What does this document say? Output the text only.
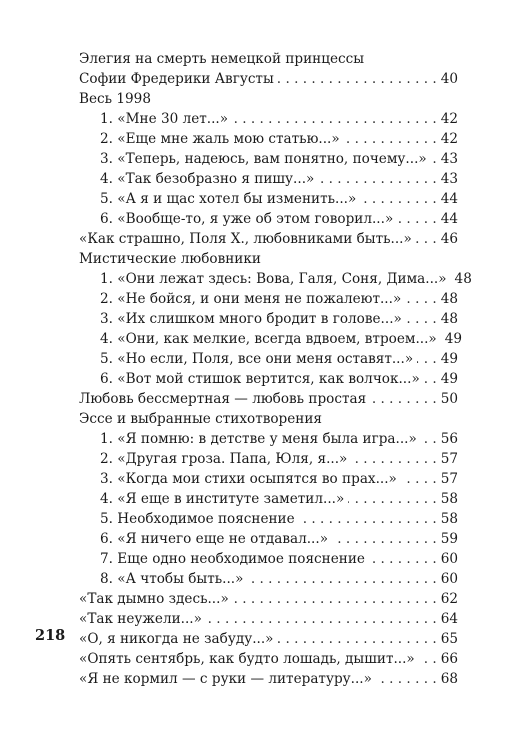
Элегия на смерть немецкой принцессы
Софии Фредерики Августы . . .	40
Весь 1998
1. «Мне 30 лет...» . . .	42
2. «Еще мне жаль мою статью...» . . .	42
3. «Теперь, надеюсь, вам понятно, почему...» . . . 43
4. «Так безобразно я пишу...» . . .	43
5. «А я и щас хотел бы изменить...» . . .	44
6. «Вообще-то, я уже об этом говорил...» . . .	44
«Как страшно, Поля Х., любовниками быть...» . . . 46
Мистические любовники
1. «Они лежат здесь: Вова, Галя, Соня, Дима...» 48
2. «Не бойся, и они меня не пожалеют...» . . .	48
3. «Их слишком много бродит в голове...» . . .	48
4. «Они, как мелкие, всегда вдвоем, втроем...» 49
5. «Но если, Поля, все они меня оставят...» . . . 49
6. «Вот мой стишок вертится, как волчок...» . . . 49
Любовь бессмертная — любовь простая . . .	50
Эссе и выбранные стихотворения
1. «Я помню: в детстве у меня была игра...» . . . 56
2. «Другая гроза. Папа, Юля, я...» . . .	57
3. «Когда мои стихи осыпятся во прах...» . . .	57
4. «Я еще в институте заметил...» . . .	58
5. Необходимое пояснение . . .	58
6. «Я ничего еще не отдавал...» . . .	59
7. Еще одно необходимое пояснение . . .	60
8. «А чтобы быть...» . . .	60
«Так дымно здесь...» . . .	62
«Так неужели...» . . .	64
«О, я никогда не забуду...» . . .	65
«Опять сентябрь, как будто лошадь, дышит...» . . . 66
«Я не кормил — с руки — литературу...» . . .	68
218
